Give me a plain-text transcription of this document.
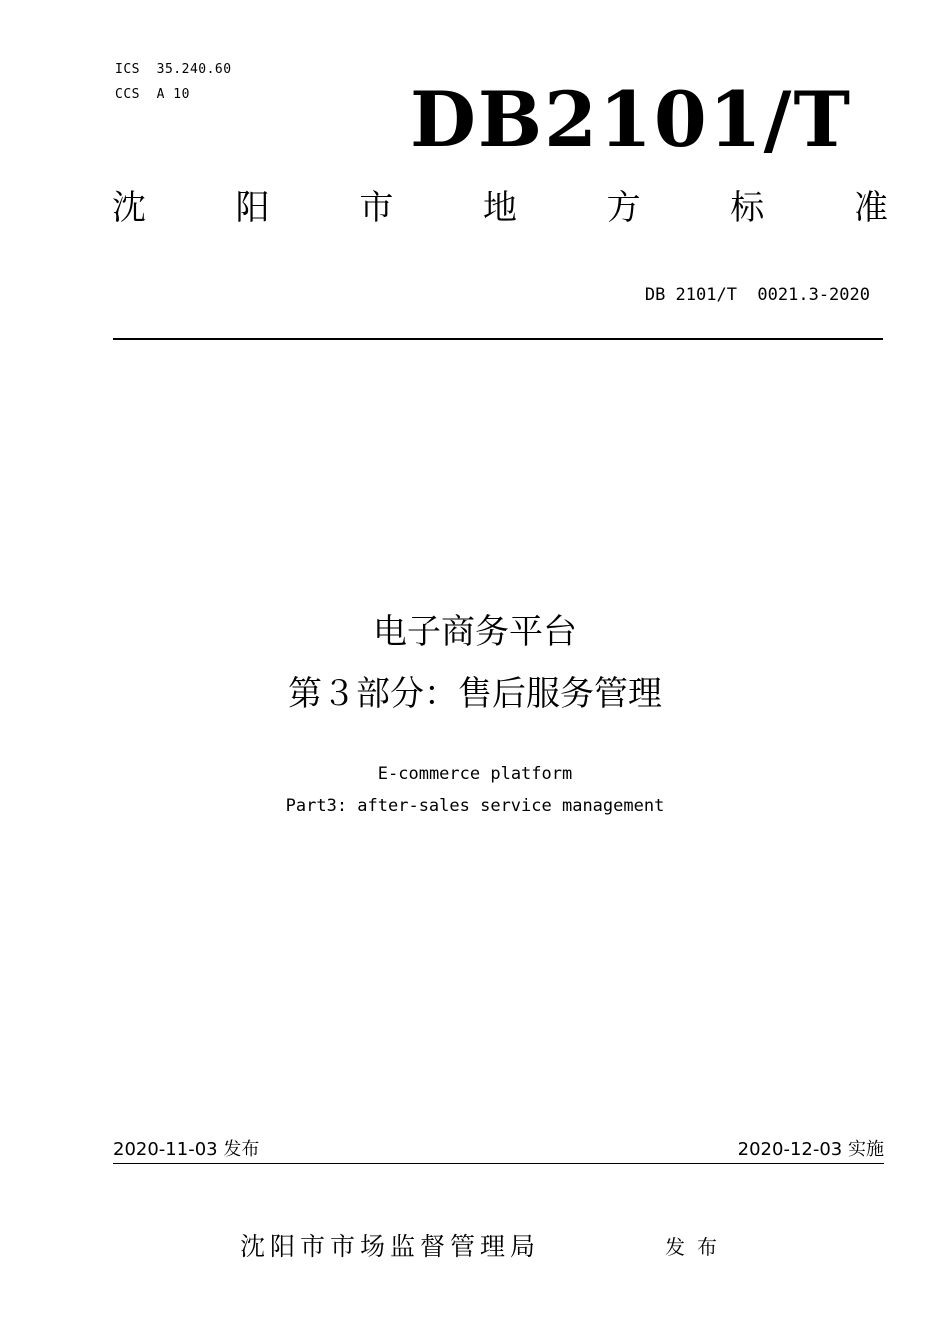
ICS  35.240.60
CCS  A 10	DB2101/T
沈	阳	市	地	方	标	准
DB 2101/T  0021.3-2020
电子商务平台
第３部分：售后服务管理
E-commerce platform
Part3: after-sales service management
2020-11-03 发布	2020-12-03 实施
沈阳市市场监督管理局	发布
